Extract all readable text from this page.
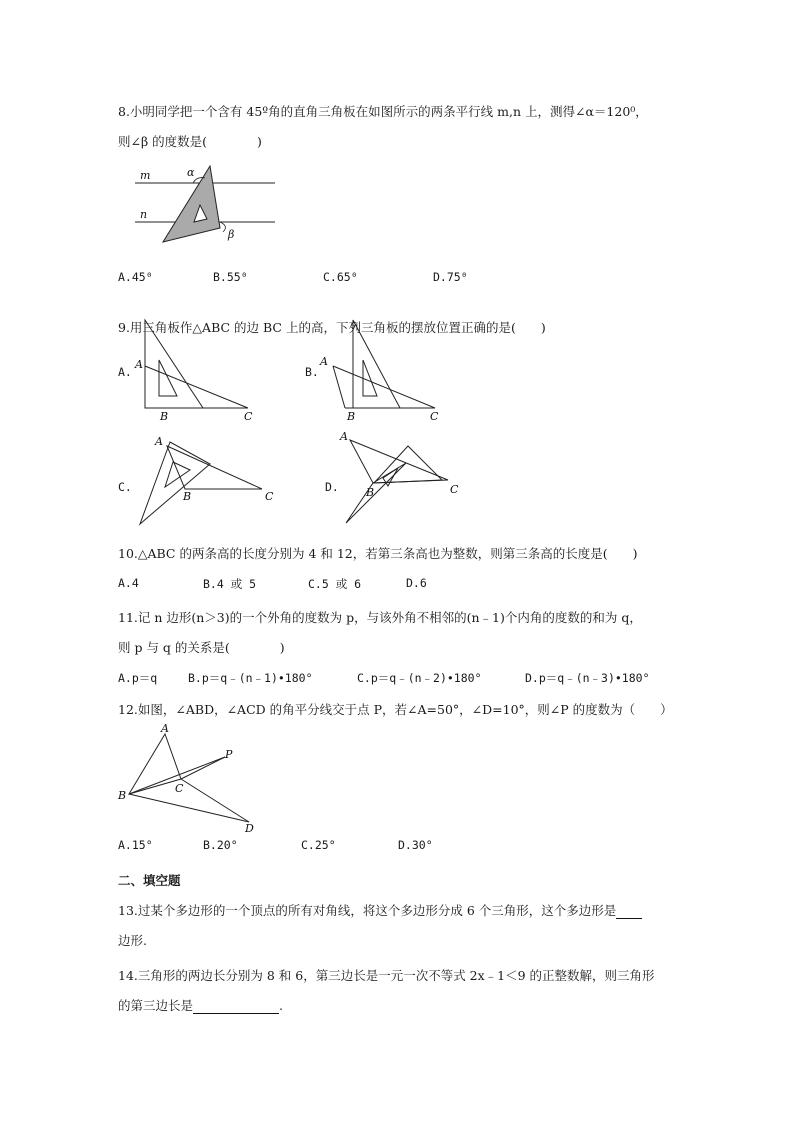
8.小明同学把一个含有 45º角的直角三角板在如图所示的两条平行线 m,n 上，测得∠α＝120⁰，
则∠β 的度数是(　　　　)
m
n
α
β
A.45⁰	B.55⁰	C.65⁰	D.75⁰
9.用三角板作△ABC 的边 BC 上的高，下列三角板的摆放位置正确的是(　　)
A.
A
B	C
B.
A
B	C
C.
A
B	C
D.
A
B	C
10.△ABC 的两条高的长度分别为 4 和 12，若第三条高也为整数，则第三条高的长度是(　　)
A.4	B.4 或 5	C.5 或 6	D.6
11.记 n 边形(n＞3)的一个外角的度数为 p，与该外角不相邻的(n﹣1)个内角的度数的和为 q，
则 p 与 q 的关系是(　　　　)
A.p＝q	B.p＝q﹣(n﹣1)•180°	C.p＝q﹣(n﹣2)•180°	D.p＝q﹣(n﹣3)•180°
12.如图，∠ABD，∠ACD 的角平分线交于点 P，若∠A=50°，∠D=10°，则∠P 的度数为（　　）
A
B
C
D
P
A.15°	B.20°	C.25°	D.30°
二、填空题
13.过某个多边形的一个顶点的所有对角线，将这个多边形分成 6 个三角形，这个多边形是
边形.
14.三角形的两边长分别为 8 和 6，第三边长是一元一次不等式 2x﹣1＜9 的正整数解，则三角形
的第三边长是	.
